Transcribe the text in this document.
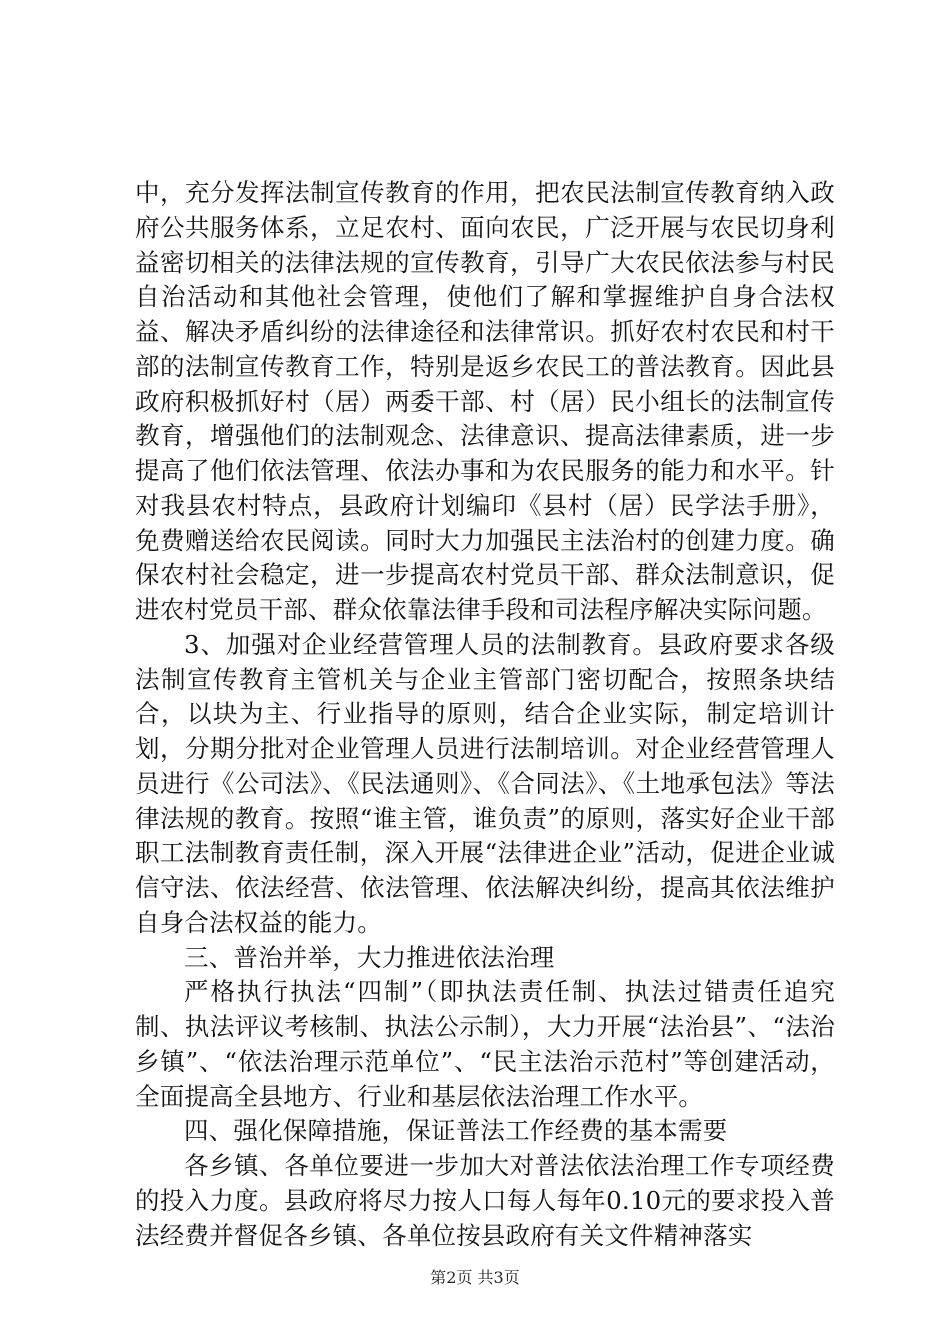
中，充分发挥法制宣传教育的作用，把农民法制宣传教育纳入政府公共服务体系，立足农村、面向农民，广泛开展与农民切身利益密切相关的法律法规的宣传教育，引导广大农民依法参与村民自治活动和其他社会管理，使他们了解和掌握维护自身合法权益、解决矛盾纠纷的法律途径和法律常识。抓好农村农民和村干部的法制宣传教育工作，特别是返乡农民工的普法教育。因此县政府积极抓好村（居）两委干部、村（居）民小组长的法制宣传教育，增强他们的法制观念、法律意识、提高法律素质，进一步提高了他们依法管理、依法办事和为农民服务的能力和水平。针对我县农村特点，县政府计划编印《县村（居）民学法手册》，免费赠送给农民阅读。同时大力加强民主法治村的创建力度。确保农村社会稳定，进一步提高农村党员干部、群众法制意识，促进农村党员干部、群众依靠法律手段和司法程序解决实际问题。

3、加强对企业经营管理人员的法制教育。县政府要求各级法制宣传教育主管机关与企业主管部门密切配合，按照条块结合，以块为主、行业指导的原则，结合企业实际，制定培训计划，分期分批对企业管理人员进行法制培训。对企业经营管理人员进行《公司法》、《民法通则》、《合同法》、《土地承包法》等法律法规的教育。按照“谁主管，谁负责”的原则，落实好企业干部职工法制教育责任制，深入开展“法律进企业”活动，促进企业诚信守法、依法经营、依法管理、依法解决纠纷，提高其依法维护自身合法权益的能力。

三、普治并举，大力推进依法治理

严格执行执法“四制”（即执法责任制、执法过错责任追究制、执法评议考核制、执法公示制），大力开展“法治县”、“法治乡镇”、“依法治理示范单位”、“民主法治示范村”等创建活动，全面提高全县地方、行业和基层依法治理工作水平。

四、强化保障措施，保证普法工作经费的基本需要

各乡镇、各单位要进一步加大对普法依法治理工作专项经费的投入力度。县政府将尽力按人口每人每年0.10元的要求投入普法经费并督促各乡镇、各单位按县政府有关文件精神落实

第2页 共3页
